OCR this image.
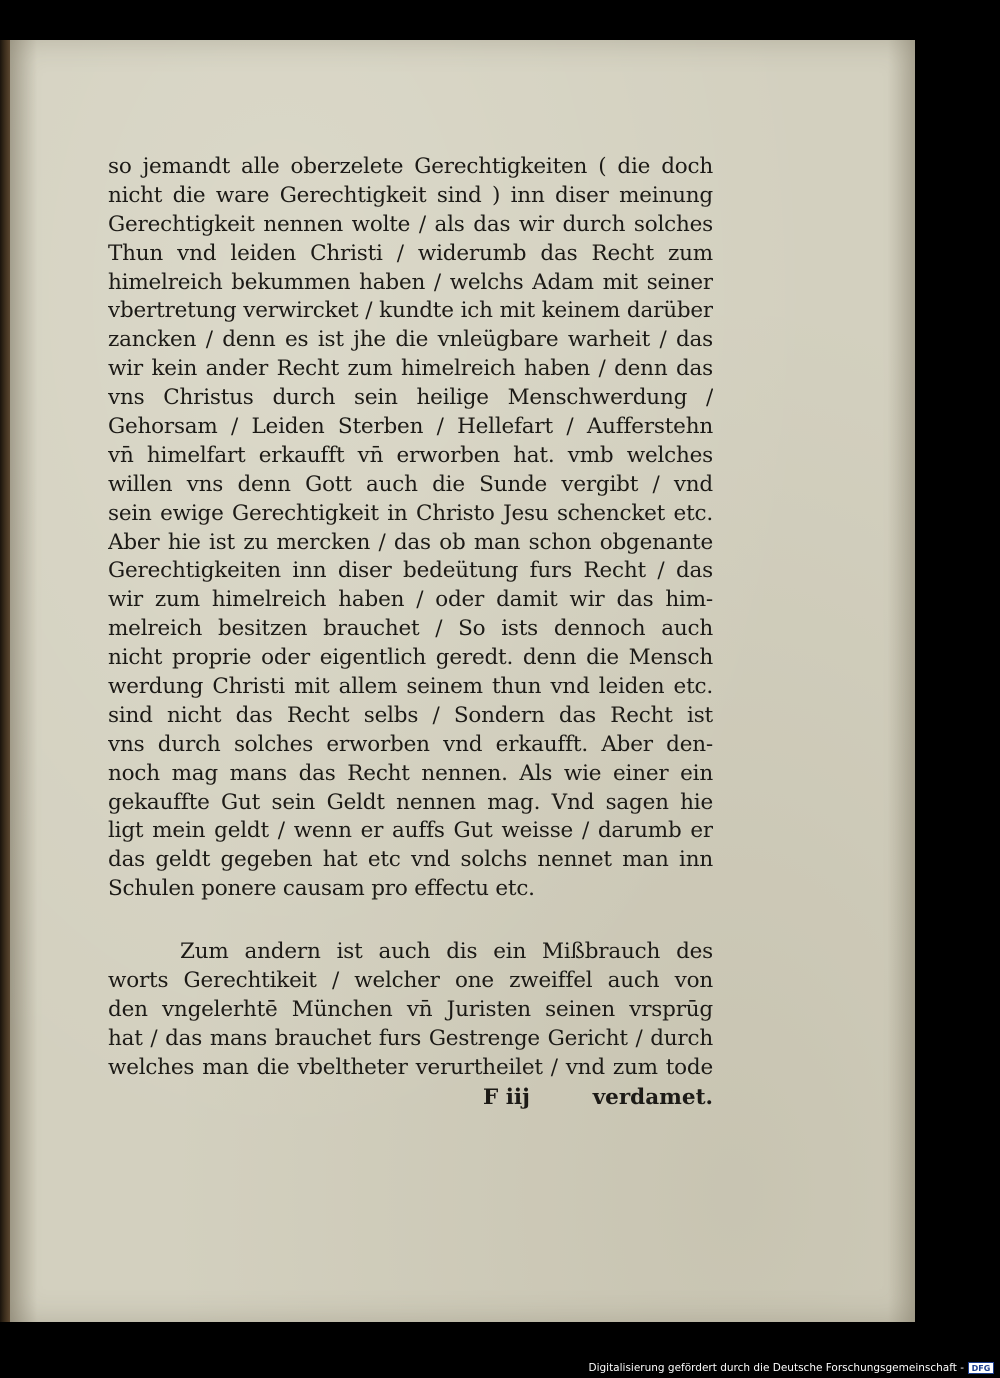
so jemandt alle oberzelete Gerechtigkeiten ( die doch
nicht die ware Gerechtigkeit sind ) inn diser meinung
Gerechtigkeit nennen wolte / als das wir durch solches
Thun vnd leiden Christi / widerumb das Recht zum
himelreich bekummen haben / welchs Adam mit seiner
vbertretung verwircket / kundte ich mit keinem darüber
zancken / denn es ist jhe die vnleügbare warheit / das
wir kein ander Recht zum himelreich haben / denn das
vns Christus durch sein heilige Menschwerdung /
Gehorsam / Leiden Sterben / Hellefart / Aufferstehn
vn̄ himelfart erkaufft vn̄ erworben hat. vmb welches
willen vns denn Gott auch die Sunde vergibt / vnd
sein ewige Gerechtigkeit in Christo Jesu schencket etc.
Aber hie ist zu mercken / das ob man schon obgenante
Gerechtigkeiten inn diser bedeütung furs Recht / das
wir zum himelreich haben / oder damit wir das him-
melreich besitzen brauchet / So ists dennoch auch
nicht proprie oder eigentlich geredt. denn die Mensch
werdung Christi mit allem seinem thun vnd leiden etc.
sind nicht das Recht selbs / Sondern das Recht ist
vns durch solches erworben vnd erkaufft. Aber den-
noch mag mans das Recht nennen. Als wie einer ein
gekauffte Gut sein Geldt nennen mag. Vnd sagen hie
ligt mein geldt / wenn er auffs Gut weisse / darumb er
das geldt gegeben hat etc vnd solchs nennet man inn
Schulen ponere causam pro effectu etc.
Zum andern ist auch dis ein Mißbrauch des
worts Gerechtikeit / welcher one zweiffel auch von
den vngelerhtē München vn̄ Juristen seinen vrsprūg
hat / das mans brauchet furs Gestrenge Gericht / durch
welches man die vbeltheter verurtheilet / vnd zum tode
F iij	verdamet.
Digitalisierung gefördert durch die Deutsche Forschungsgemeinschaft - DFG
